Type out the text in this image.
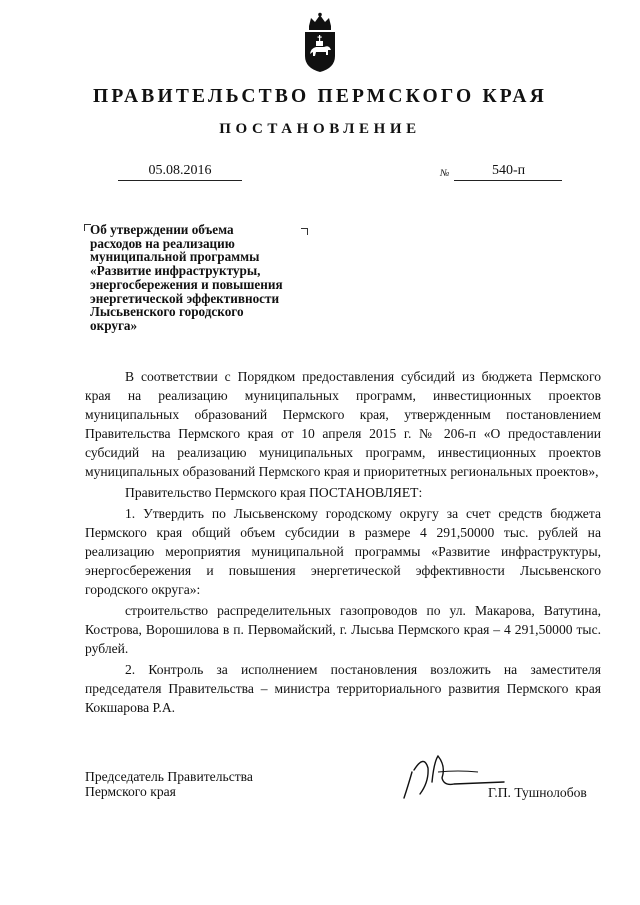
ПРАВИТЕЛЬСТВО ПЕРМСКОГО КРАЯ
ПОСТАНОВЛЕНИЕ
05.08.2016	№	540-п
Об утверждении объема
расходов на реализацию
муниципальной программы
«Развитие инфраструктуры,
энергосбережения и повышения
энергетической эффективности
Лысьвенского городского
округа»

В соответствии с Порядком предоставления субсидий из бюджета Пермского края на реализацию муниципальных программ, инвестиционных проектов муниципальных образований Пермского края, утвержденным постановлением Правительства Пермского края от 10 апреля 2015 г. № 206-п «О предоставлении субсидий на реализацию муниципальных программ, инвестиционных проектов муниципальных образований Пермского края и приоритетных региональных проектов»,

Правительство Пермского края ПОСТАНОВЛЯЕТ:

1. Утвердить по Лысьвенскому городскому округу за счет средств бюджета Пермского края общий объем субсидии в размере 4 291,50000 тыс. рублей на реализацию мероприятия муниципальной программы «Развитие инфраструктуры, энергосбережения и повышения энергетической эффективности Лысьвенского городского округа»:

строительство распределительных газопроводов по ул. Макарова, Ватутина, Кострова, Ворошилова в п. Первомайский, г. Лысьва Пермского края – 4 291,50000 тыс. рублей.

2. Контроль за исполнением постановления возложить на заместителя председателя Правительства – министра территориального развития Пермского края Кокшарова Р.А.

Председатель Правительства
Пермского края	Г.П. Тушнолобов
